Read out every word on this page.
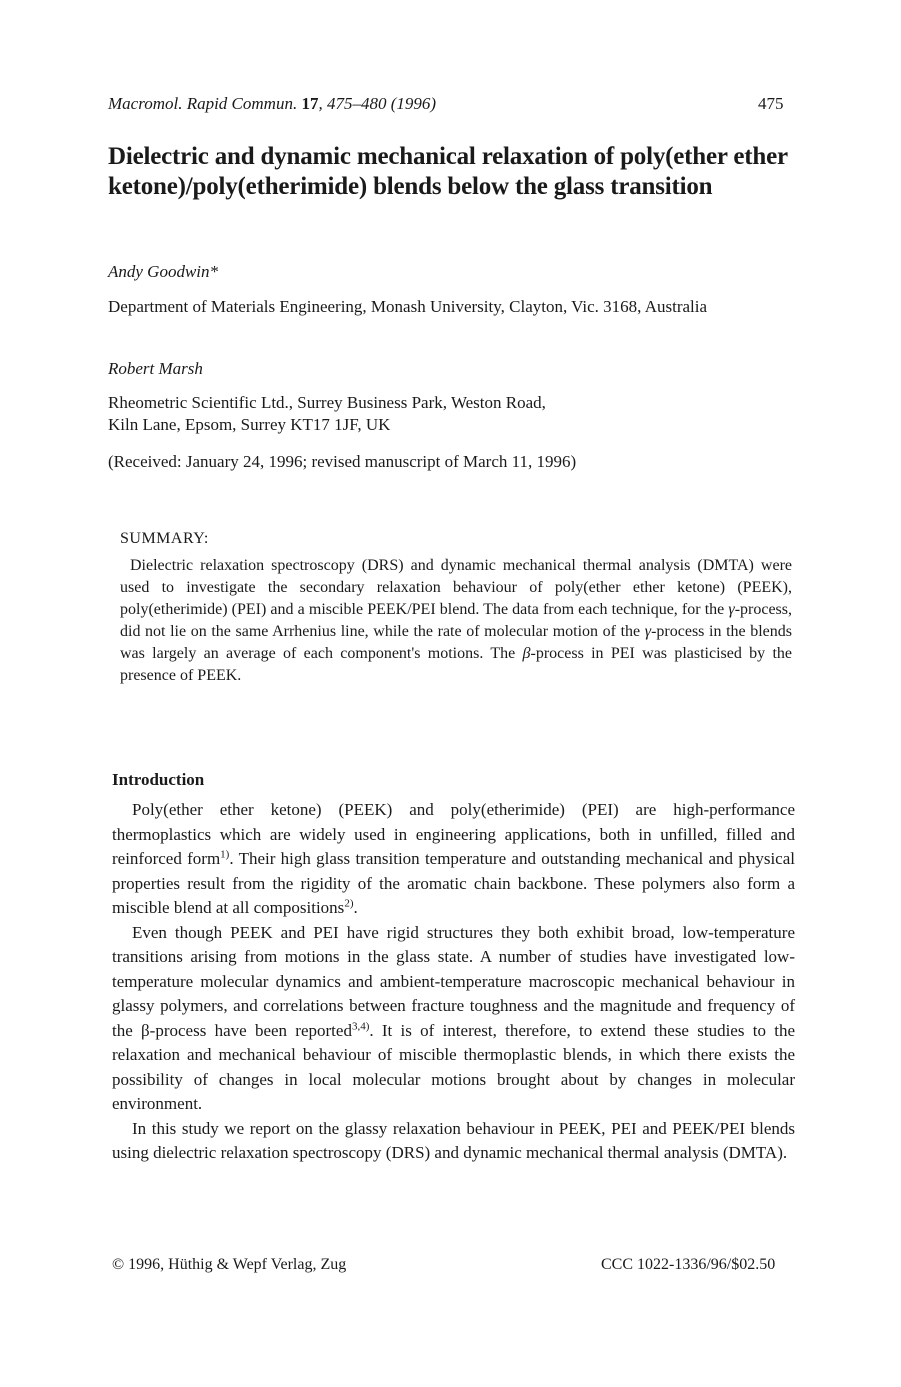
Macromol. Rapid Commun. 17, 475–480 (1996)	475
Dielectric and dynamic mechanical relaxation of poly(ether ether ketone)/poly(etherimide) blends below the glass transition
Andy Goodwin*
Department of Materials Engineering, Monash University, Clayton, Vic. 3168, Australia
Robert Marsh
Rheometric Scientific Ltd., Surrey Business Park, Weston Road,
Kiln Lane, Epsom, Surrey KT17 1JF, UK
(Received: January 24, 1996; revised manuscript of March 11, 1996)
SUMMARY:
Dielectric relaxation spectroscopy (DRS) and dynamic mechanical thermal analysis (DMTA) were used to investigate the secondary relaxation behaviour of poly(ether ether ketone) (PEEK), poly(etherimide) (PEI) and a miscible PEEK/PEI blend. The data from each technique, for the γ-process, did not lie on the same Arrhenius line, while the rate of molecular motion of the γ-process in the blends was largely an average of each component's motions. The β-process in PEI was plasticised by the presence of PEEK.
Introduction

Poly(ether ether ketone) (PEEK) and poly(etherimide) (PEI) are high-performance thermoplastics which are widely used in engineering applications, both in unfilled, filled and reinforced form$^{1)}$. Their high glass transition temperature and outstanding mechanical and physical properties result from the rigidity of the aromatic chain backbone. These polymers also form a miscible blend at all compositions$^{2)}$.

Even though PEEK and PEI have rigid structures they both exhibit broad, low-temperature transitions arising from motions in the glass state. A number of studies have investigated low-temperature molecular dynamics and ambient-temperature macroscopic mechanical behaviour in glassy polymers, and correlations between fracture toughness and the magnitude and frequency of the β-process have been reported$^{3,4)}$. It is of interest, therefore, to extend these studies to the relaxation and mechanical behaviour of miscible thermoplastic blends, in which there exists the possibility of changes in local molecular motions brought about by changes in molecular environment.

In this study we report on the glassy relaxation behaviour in PEEK, PEI and PEEK/PEI blends using dielectric relaxation spectroscopy (DRS) and dynamic mechanical thermal analysis (DMTA).

© 1996, Hüthig & Wepf Verlag, Zug	CCC 1022-1336/96/$02.50
